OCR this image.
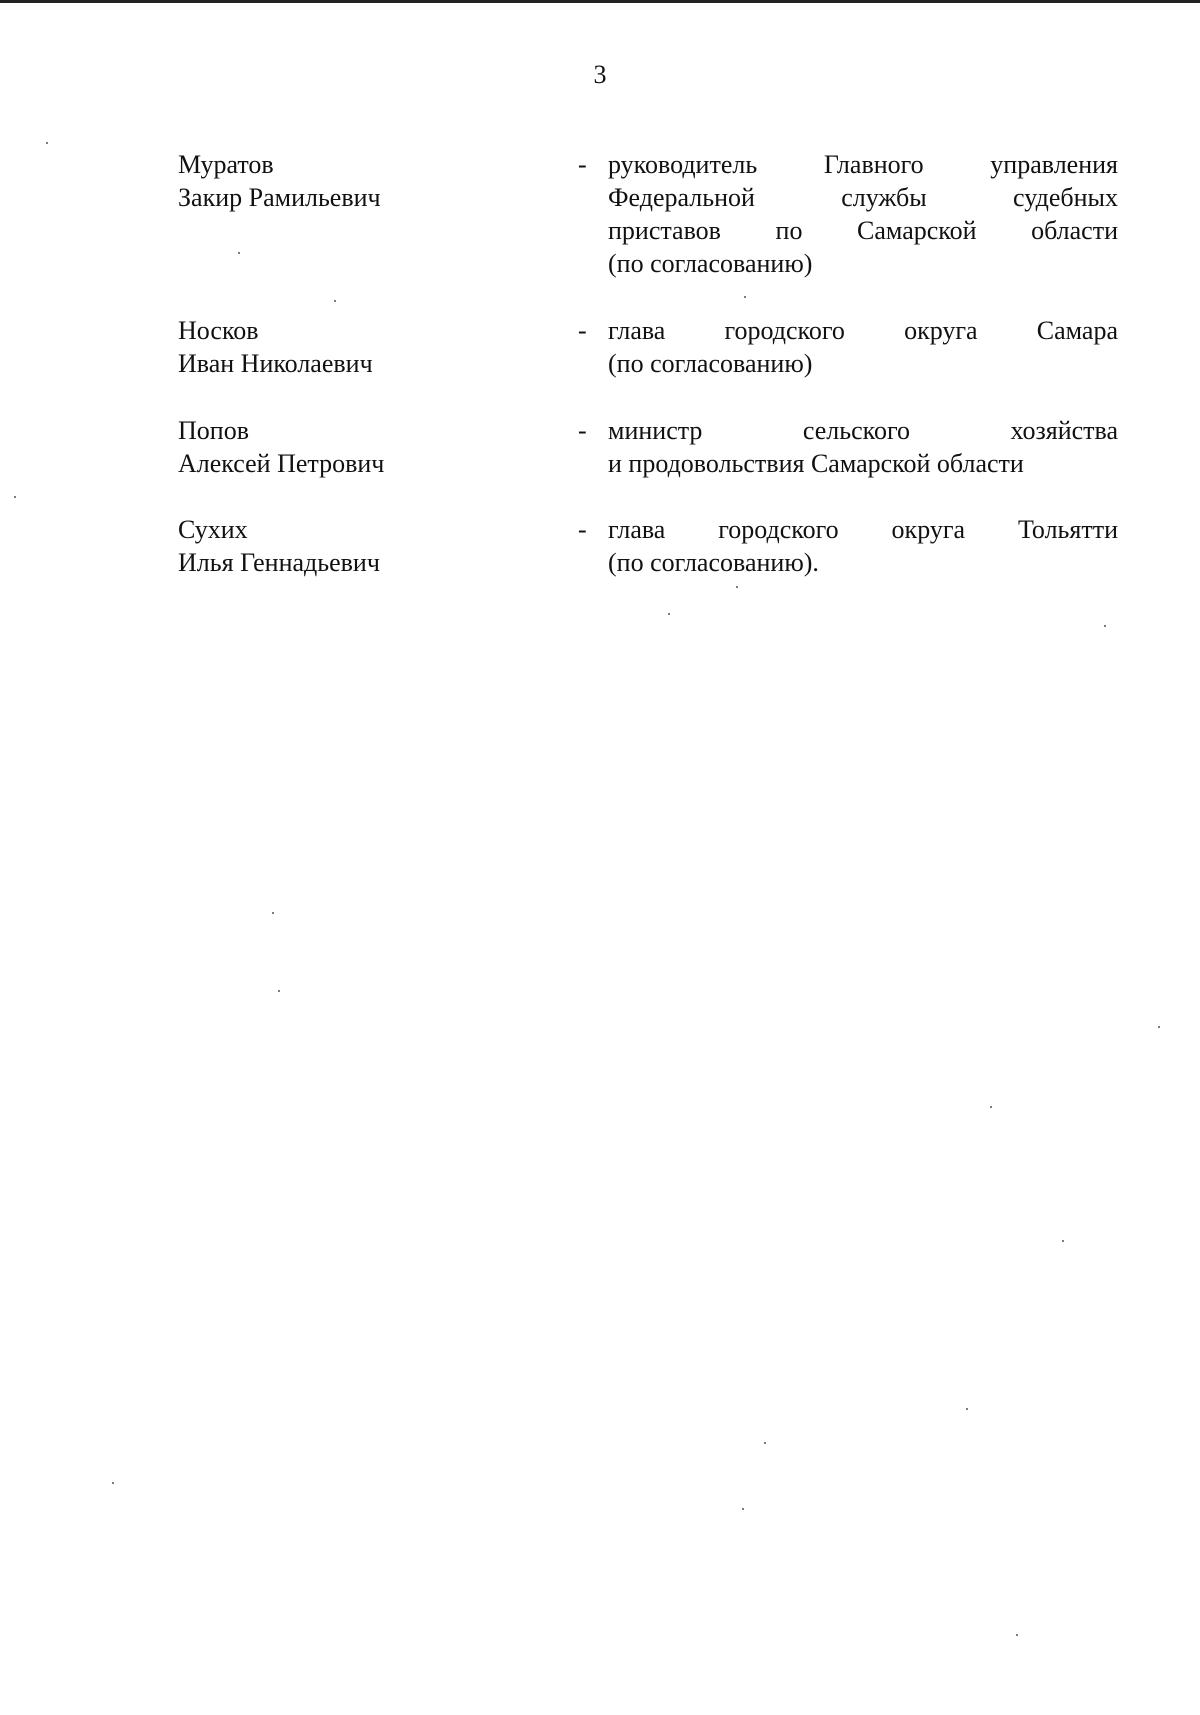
3
Муратов
Закир Рамильевич
- руководитель Главного управления
Федеральной службы судебных
приставов по Самарской области
(по согласованию)
Носков
Иван Николаевич
- глава городского округа Самара
(по согласованию)
Попов
Алексей Петрович
- министр сельского хозяйства
и продовольствия Самарской области
Сухих
Илья Геннадьевич
- глава городского округа Тольятти
(по согласованию).
